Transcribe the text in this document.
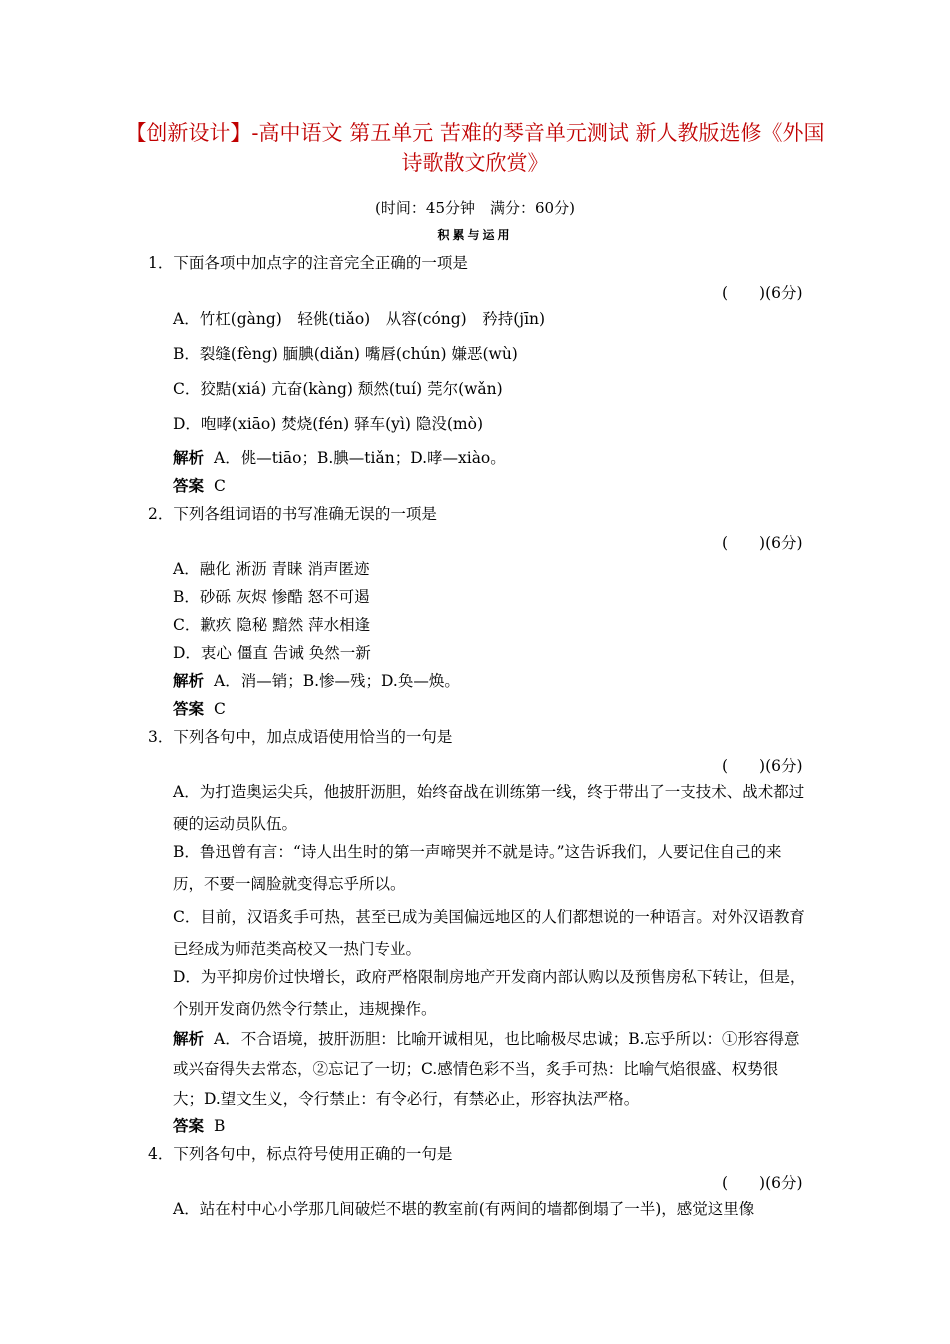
【创新设计】-高中语文 第五单元 苦难的琴音单元测试 新人教版选修《外国诗歌散文欣赏》
(时间：45分钟　满分：60分)
积累与运用
1．下面各项中加点字的注音完全正确的一项是
(　　)(6分)
A．竹杠(gàng)　轻佻(tiǎo)　从容(cóng)　矜持(jīn)
B．裂缝(fèng) 腼腆(diǎn) 嘴唇(chún) 嫌恶(wù)
C．狡黠(xiá) 亢奋(kàng) 颓然(tuí) 莞尔(wǎn)
D．咆哮(xiāo) 焚烧(fén) 驿车(yì) 隐没(mò)
解析 A．佻—tiāo；B.腆—tiǎn；D.哮—xiào。
答案 C
2．下列各组词语的书写准确无误的一项是
(　　)(6分)
A．融化 淅沥 青睐 消声匿迹
B．砂砾 灰烬 惨酷 怒不可遏
C．歉疚 隐秘 黯然 萍水相逢
D．衷心 僵直 告诫 奂然一新
解析 A．消—销；B.惨—残；D.奂—焕。
答案 C
3．下列各句中，加点成语使用恰当的一句是
(　　)(6分)
A．为打造奥运尖兵，他披肝沥胆，始终奋战在训练第一线，终于带出了一支技术、战术都过硬的运动员队伍。
B．鲁迅曾有言：“诗人出生时的第一声啼哭并不就是诗。”这告诉我们，人要记住自己的来历，不要一阔脸就变得忘乎所以。
C．目前，汉语炙手可热，甚至已成为美国偏远地区的人们都想说的一种语言。对外汉语教育已经成为师范类高校又一热门专业。
D．为平抑房价过快增长，政府严格限制房地产开发商内部认购以及预售房私下转让，但是，个别开发商仍然令行禁止，违规操作。
解析 A．不合语境，披肝沥胆：比喻开诚相见，也比喻极尽忠诚；B.忘乎所以：①形容得意或兴奋得失去常态，②忘记了一切；C.感情色彩不当，炙手可热：比喻气焰很盛、权势很大；D.望文生义，令行禁止：有令必行，有禁必止，形容执法严格。
答案 B
4．下列各句中，标点符号使用正确的一句是
(　　)(6分)
A．站在村中心小学那几间破烂不堪的教室前(有两间的墙都倒塌了一半)，感觉这里像
